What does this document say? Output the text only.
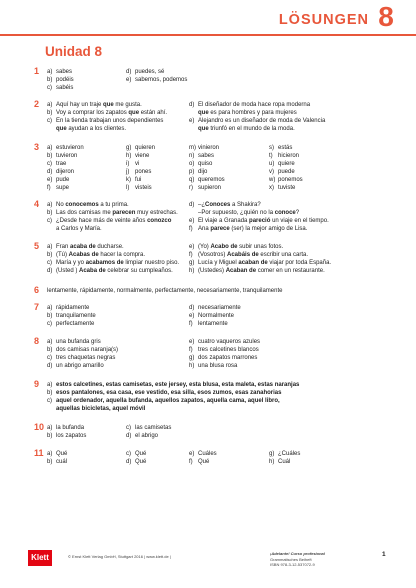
LÖSUNGEN 8
Unidad 8
1	a) sabes
b) podéis
c) sabéis
d) puedes, sé
e) sabemos, podemos
2	a) Aquí hay un traje que me gusta.
b) Voy a comprar los zapatos que están ahí.
c) En la tienda trabajan unos dependientes
que ayudan a los clientes.
d) El diseñador de moda hace ropa moderna
que es para hombres y para mujeres
e) Alejandro es un diseñador de moda de Valencia
que triunfó en el mundo de la moda.
3	a) estuvieron
b) tuvieron
c) trae
d) dijeron
e) pude
f) supe
g) quieren
h) viene
i) vi
j) pones
k) fui
l) visteis
m) vinieron
n) sabes
o) quiso
p) dijo
q) queremos
r) supieron
s) estás
t) hicieron
u) quiere
v) puede
w) ponemos
x) tuviste
4	a) No conocemos a tu prima.
b) Las dos camisas me parecen muy estrechas.
c) ¿Desde hace más de veinte años conozco
a Carlos y María.
d) –¿Conoces a Shakira?
–Por supuesto, ¿quién no la conoce?
e) El viaje a Granada pareció un viaje en el tiempo.
f) Ana parece (ser) la mejor amigo de Lisa.
5	a) Fran acaba de ducharse.
b) (Tú) Acabas de hacer la compra.
c) María y yo acabamos de limpiar nuestro piso.
d) (Usted ) Acaba de celebrar su cumpleaños.
e) (Yo) Acabo de subir unas fotos.
f) (Vosotros) Acabáis de escribir una carta.
g) Lucía y Miguel acaban de viajar por toda España.
h) (Ustedes) Acaban de comer en un restaurante.
6	lentamente, rápidamente, normalmente, perfectamente, necesariamente, tranquilamente
7	a) rápidamente
b) tranquilamente
c) perfectamente
d) necesariamente
e) Normalmente
f) lentamente
8	a) una bufanda gris
b) dos camisas naranja(s)
c) tres chaquetas negras
d) un abrigo amarillo
e) cuatro vaqueros azules
f) tres calcetines blancos
g) dos zapatos marrones
h) una blusa rosa
9	a) estos calcetines, estas camisetas, este jersey, esta blusa, esta maleta, estas naranjas
b) esos pantalones, esa casa, ese vestido, esa silla, esos zumos, esas zanahorias
c) aquel ordenador, aquella bufanda, aquellos zapatos, aquella cama, aquel libro,
aquellas bicicletas, aquel móvil
10 a) la bufanda
b) los zapatos
c) las camisetas
d) el abrigo
11 a) Qué
b) cuál
c) Qué
d) Qué
e) Cuáles
f) Qué
g) ¿Cuáles
h) Cuál
Klett	© Ernst Klett Verlag GmbH, Stuttgart 2016 | www.klett.de |
¡Adelante! Curso profesional
Grammatisches Beiheft
ISBN 978-3-12-537072-9
1
